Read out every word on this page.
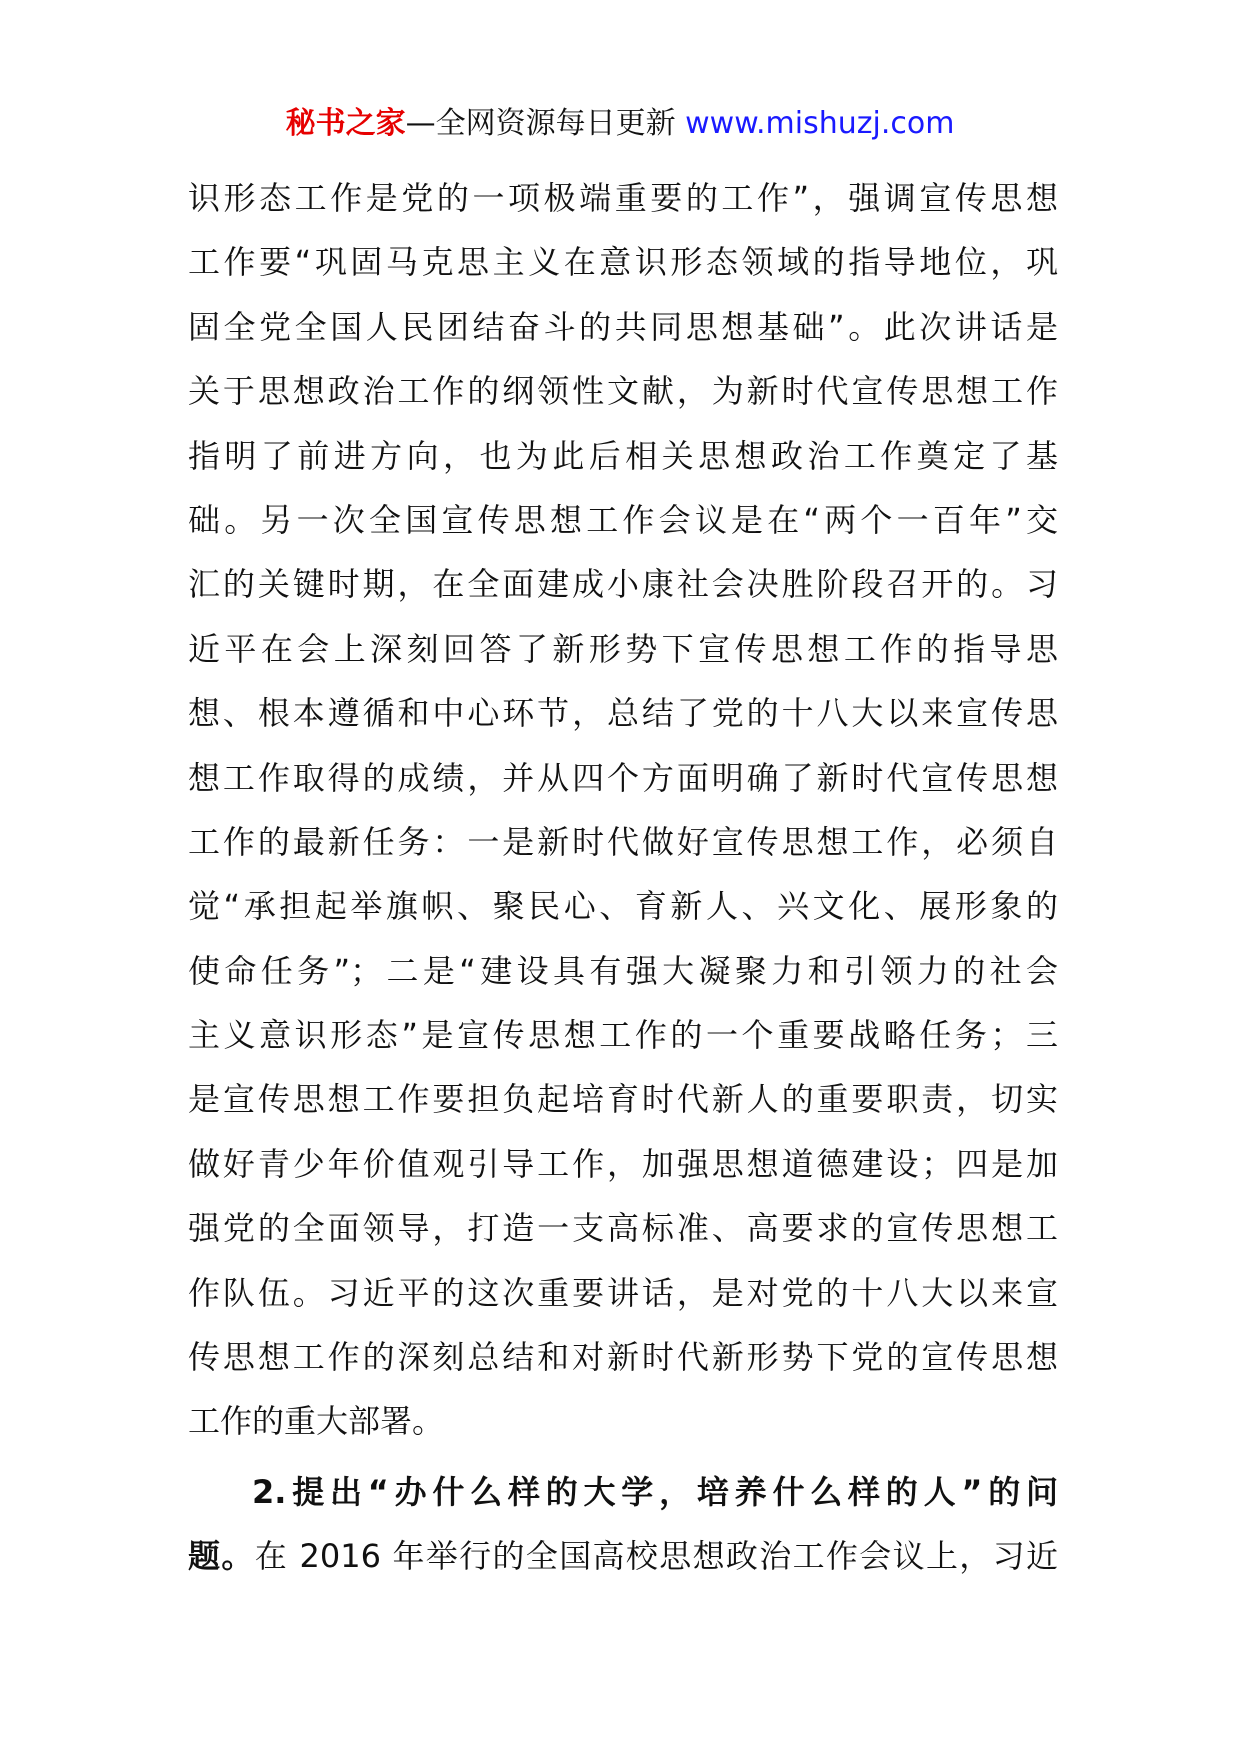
秘书之家—全网资源每日更新 www.mishuzj.com
识形态工作是党的一项极端重要的工作”，强调宣传思想
工作要“巩固马克思主义在意识形态领域的指导地位，巩
固全党全国人民团结奋斗的共同思想基础”。此次讲话是
关于思想政治工作的纲领性文献，为新时代宣传思想工作
指明了前进方向，也为此后相关思想政治工作奠定了基
础。另一次全国宣传思想工作会议是在“两个一百年”交
汇的关键时期，在全面建成小康社会决胜阶段召开的。习
近平在会上深刻回答了新形势下宣传思想工作的指导思
想、根本遵循和中心环节，总结了党的十八大以来宣传思
想工作取得的成绩，并从四个方面明确了新时代宣传思想
工作的最新任务：一是新时代做好宣传思想工作，必须自
觉“承担起举旗帜、聚民心、育新人、兴文化、展形象的
使命任务”；二是“建设具有强大凝聚力和引领力的社会
主义意识形态”是宣传思想工作的一个重要战略任务；三
是宣传思想工作要担负起培育时代新人的重要职责，切实
做好青少年价值观引导工作，加强思想道德建设；四是加
强党的全面领导，打造一支高标准、高要求的宣传思想工
作队伍。习近平的这次重要讲话，是对党的十八大以来宣
传思想工作的深刻总结和对新时代新形势下党的宣传思想
工作的重大部署。
2.提出“办什么样的大学，培养什么样的人”的问
题。在 2016 年举行的全国高校思想政治工作会议上，习近
